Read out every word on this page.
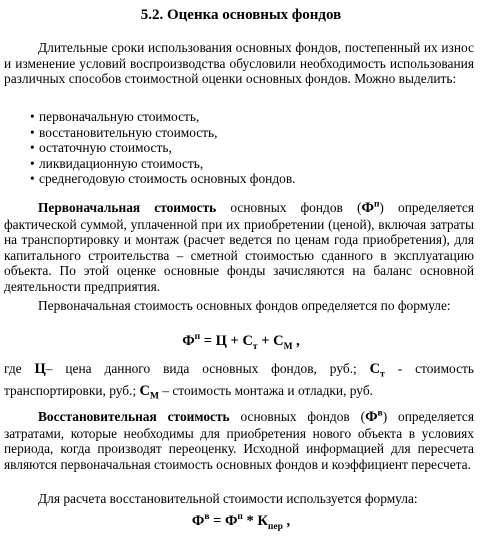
5.2. Оценка основных фондов
Длительные сроки использования основных фондов, постепенный их износ и изменение условий воспроизводства обусловили необходимость использования различных способов стоимостной оценки основных фондов. Можно выделить:
• первоначальную стоимость,
• восстановительную стоимость,
• остаточную стоимость,
• ликвидационную стоимость,
• среднегодовую стоимость основных фондов.
Первоначальная стоимость основных фондов $(Ф^п)$ определяется фактической суммой, уплаченной при их приобретении (ценой), включая затраты на транспортировку и монтаж (расчет ведется по ценам года приобретения), для капитального строительства – сметной стоимостью сданного в эксплуатацию объекта. По этой оценке основные фонды зачисляются на баланс основной деятельности предприятия.
Первоначальная стоимость основных фондов определяется по формуле:
$Ф^п = Ц + С_т + С_М$ ,
где Ц– цена данного вида основных фондов, руб.; $С_т$ - стоимость транспортировки, руб.; $С_М$ – стоимость монтажа и отладки, руб.
Восстановительная стоимость основных фондов $(Ф^в)$ определяется затратами, которые необходимы для приобретения нового объекта в условиях периода, когда производят переоценку. Исходной информацией для пересчета являются первоначальная стоимость основных фондов и коэффициент пересчета.
Для расчета восстановительной стоимости используется формула:
$Ф^в = Ф^п * К_{пер}$ ,
